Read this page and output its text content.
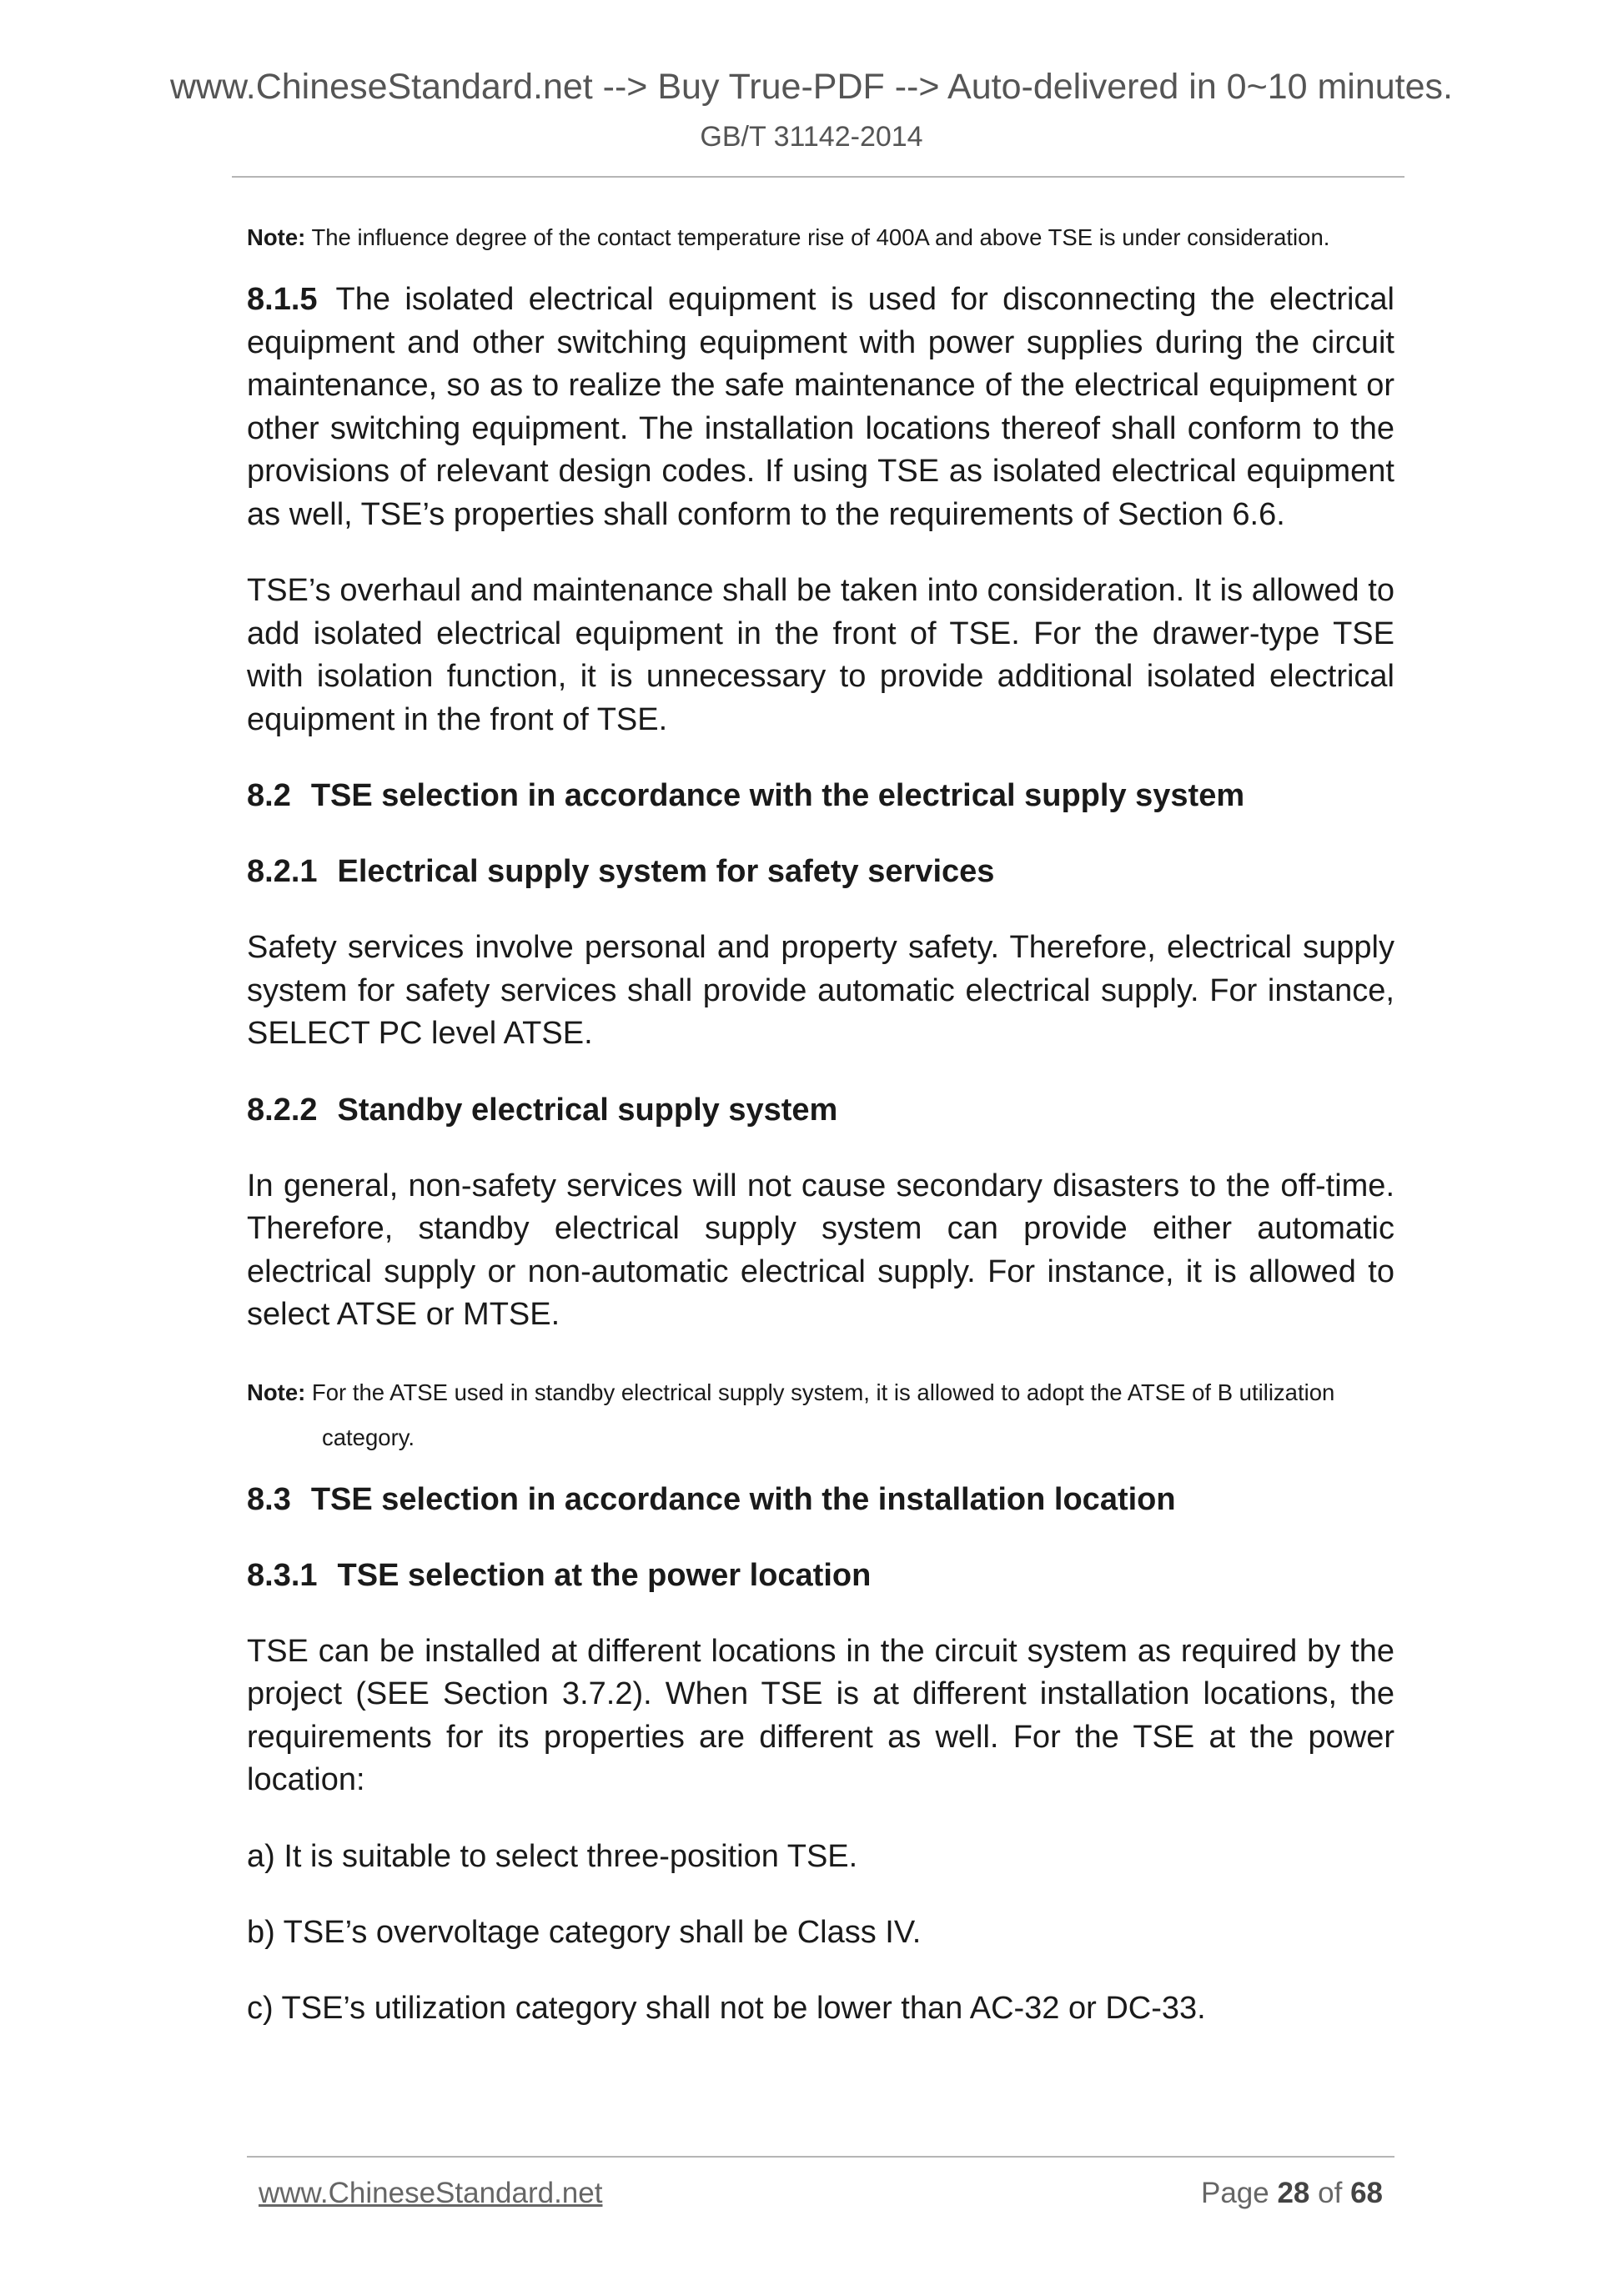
www.ChineseStandard.net --> Buy True-PDF --> Auto-delivered in 0~10 minutes.
GB/T 31142-2014

Note: The influence degree of the contact temperature rise of 400A and above TSE is under consideration.

8.1.5 The isolated electrical equipment is used for disconnecting the electrical equipment and other switching equipment with power supplies during the circuit maintenance, so as to realize the safe maintenance of the electrical equipment or other switching equipment. The installation locations thereof shall conform to the provisions of relevant design codes. If using TSE as isolated electrical equipment as well, TSE’s properties shall conform to the requirements of Section 6.6.

TSE’s overhaul and maintenance shall be taken into consideration. It is allowed to add isolated electrical equipment in the front of TSE. For the drawer-type TSE with isolation function, it is unnecessary to provide additional isolated electrical equipment in the front of TSE.

8.2 TSE selection in accordance with the electrical supply system
8.2.1 Electrical supply system for safety services

Safety services involve personal and property safety. Therefore, electrical supply system for safety services shall provide automatic electrical supply. For instance, SELECT PC level ATSE.

8.2.2 Standby electrical supply system

In general, non-safety services will not cause secondary disasters to the off-time. Therefore, standby electrical supply system can provide either automatic electrical supply or non-automatic electrical supply. For instance, it is allowed to select ATSE or MTSE.

Note: For the ATSE used in standby electrical supply system, it is allowed to adopt the ATSE of B utilization
category.

8.3 TSE selection in accordance with the installation location
8.3.1 TSE selection at the power location

TSE can be installed at different locations in the circuit system as required by the project (SEE Section 3.7.2). When TSE is at different installation locations, the requirements for its properties are different as well. For the TSE at the power location:

a) It is suitable to select three-position TSE.

b) TSE’s overvoltage category shall be Class IV.

c) TSE’s utilization category shall not be lower than AC-32 or DC-33.

www.ChineseStandard.net	Page 28 of 68
